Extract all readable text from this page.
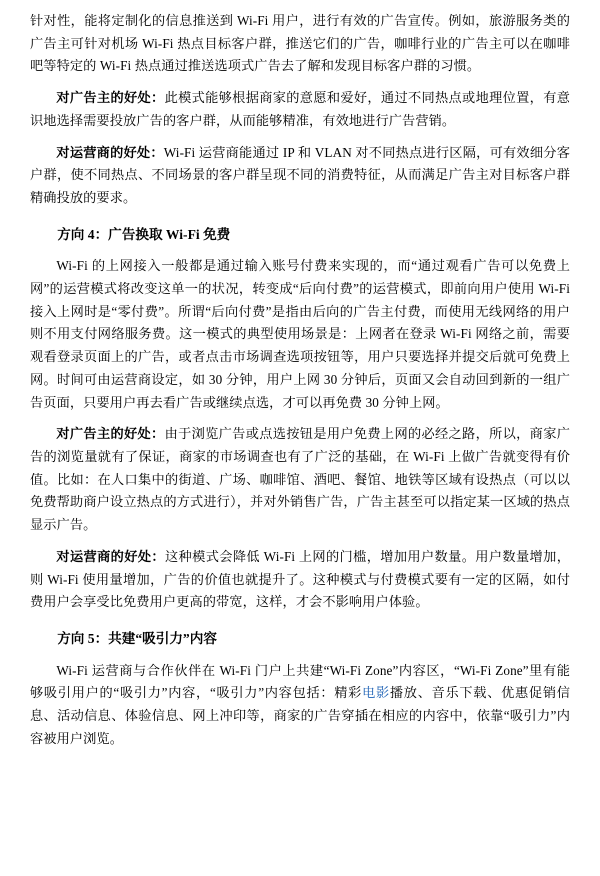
针对性，能将定制化的信息推送到 Wi-Fi 用户，进行有效的广告宣传。例如，旅游服务类的广告主可针对机场 Wi-Fi 热点目标客户群，推送它们的广告，咖啡行业的广告主可以在咖啡吧等特定的 Wi-Fi 热点通过推送选项式广告去了解和发现目标客户群的习惯。

对广告主的好处：此模式能够根据商家的意愿和爱好，通过不同热点或地理位置，有意识地选择需要投放广告的客户群，从而能够精准，有效地进行广告营销。

对运营商的好处：Wi-Fi 运营商能通过 IP 和 VLAN 对不同热点进行区隔，可有效细分客户群，使不同热点、不同场景的客户群呈现不同的消费特征，从而满足广告主对目标客户群精确投放的要求。

方向 4：广告换取 Wi-Fi 免费

Wi-Fi 的上网接入一般都是通过输入账号付费来实现的，而“通过观看广告可以免费上网”的运营模式将改变这单一的状况，转变成“后向付费”的运营模式，即前向用户使用 Wi-Fi 接入上网时是“零付费”。所谓“后向付费”是指由后向的广告主付费，而使用无线网络的用户则不用支付网络服务费。这一模式的典型使用场景是：上网者在登录 Wi-Fi 网络之前，需要观看登录页面上的广告，或者点击市场调查选项按钮等，用户只要选择并提交后就可免费上网。时间可由运营商设定，如 30 分钟，用户上网 30 分钟后，页面又会自动回到新的一组广告页面，只要用户再去看广告或继续点选，才可以再免费 30 分钟上网。

对广告主的好处：由于浏览广告或点选按钮是用户免费上网的必经之路，所以，商家广告的浏览量就有了保证，商家的市场调查也有了广泛的基础，在 Wi-Fi 上做广告就变得有价值。比如：在人口集中的街道、广场、咖啡馆、酒吧、餐馆、地铁等区域有设热点（可以以免费帮助商户设立热点的方式进行），并对外销售广告，广告主甚至可以指定某一区域的热点显示广告。

对运营商的好处：这种模式会降低 Wi-Fi 上网的门槛，增加用户数量。用户数量增加，则 Wi-Fi 使用量增加，广告的价值也就提升了。这种模式与付费模式要有一定的区隔，如付费用户会享受比免费用户更高的带宽，这样，才会不影响用户体验。

方向 5：共建“吸引力”内容

Wi-Fi 运营商与合作伙伴在 Wi-Fi 门户上共建“Wi-Fi Zone”内容区，“Wi-Fi Zone”里有能够吸引用户的“吸引力”内容，“吸引力”内容包括：精彩电影播放、音乐下载、优惠促销信息、活动信息、体验信息、网上冲印等，商家的广告穿插在相应的内容中，依靠“吸引力”内容被用户浏览。
